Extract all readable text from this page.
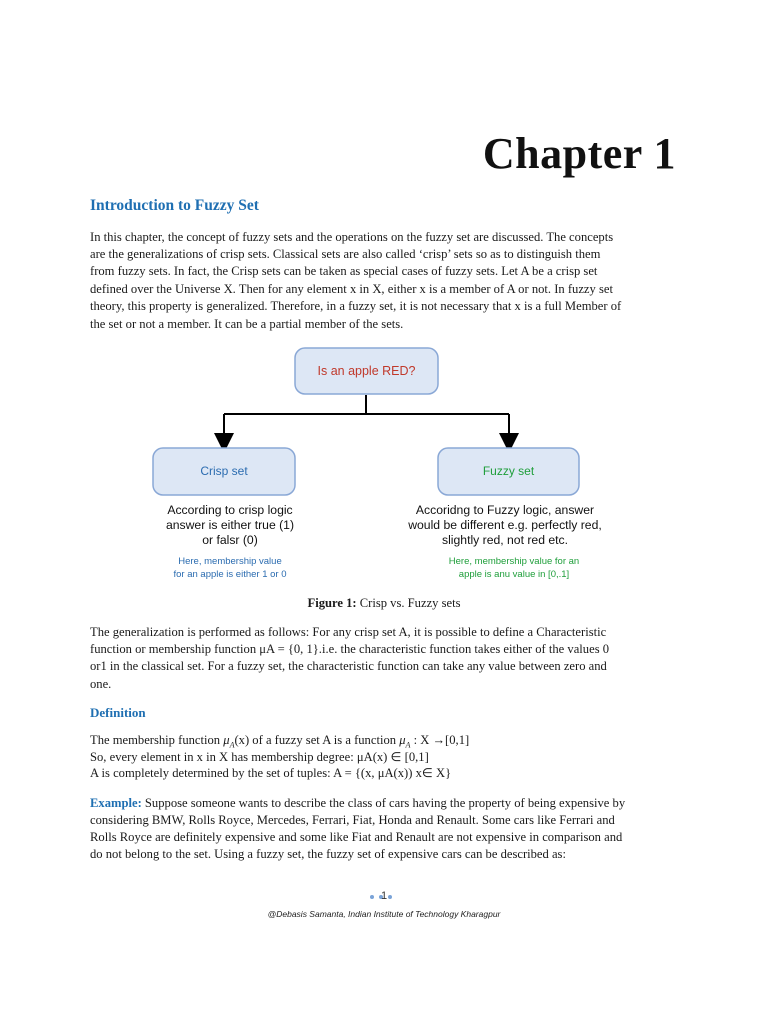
Chapter 1
Introduction to Fuzzy Set
In this chapter, the concept of fuzzy sets and the operations on the fuzzy set are discussed. The concepts
are the generalizations of crisp sets. Classical sets are also called ‘crisp’ sets so as to distinguish them
from fuzzy sets. In fact, the Crisp sets can be taken as special cases of fuzzy sets. Let A be a crisp set
defined over the Universe X. Then for any element x in X, either x is a member of A or not. In fuzzy set
theory, this property is generalized. Therefore, in a fuzzy set, it is not necessary that x is a full Member of
the set or not a member. It can be a partial member of the sets.
Is an apple RED?
Crisp set	Fuzzy set
According to crisp logic
answer is either true (1)
or falsr (0)
Here, membership value
for an apple is either 1 or 0
Accoridng to Fuzzy logic, answer
would be different e.g. perfectly red,
slightly red, not red etc.
Here, membership value for an
apple is anu value in [0,.1]
Figure 1: Crisp vs. Fuzzy sets
The generalization is performed as follows: For any crisp set A, it is possible to define a Characteristic
function or membership function μA = {0, 1}.i.e. the characteristic function takes either of the values 0
or1 in the classical set. For a fuzzy set, the characteristic function can take any value between zero and
one.
Definition
The membership function $\mu_A(x)$ of a fuzzy set A is a function $\mu_A$ : X →[0,1]
So, every element in x in X has membership degree: μA(x) ∈ [0,1]
A is completely determined by the set of tuples: A = {(x, μA(x)) x∈ X}
Example: Suppose someone wants to describe the class of cars having the property of being expensive by
considering BMW, Rolls Royce, Mercedes, Ferrari, Fiat, Honda and Renault. Some cars like Ferrari and
Rolls Royce are definitely expensive and some like Fiat and Renault are not expensive in comparison and
do not belong to the set. Using a fuzzy set, the fuzzy set of expensive cars can be described as:
1
@Debasis Samanta, Indian Institute of Technology Kharagpur
